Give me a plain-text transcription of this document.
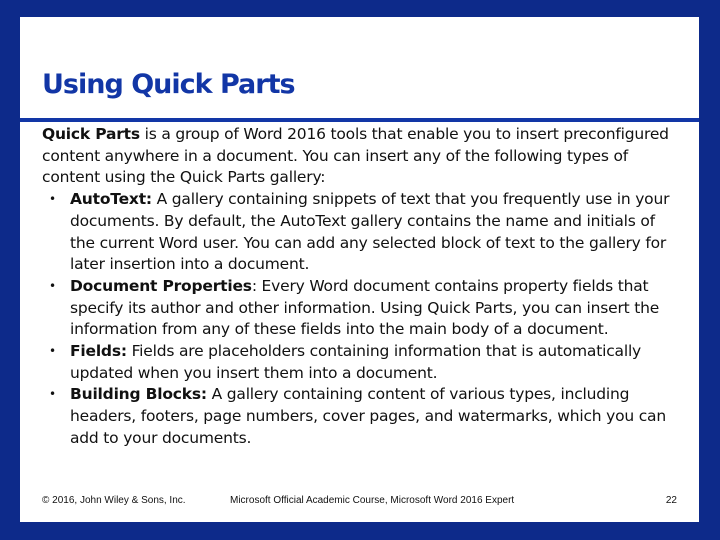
Using Quick Parts

Quick Parts is a group of Word 2016 tools that enable you to insert preconfigured content anywhere in a document. You can insert any of the following types of content using the Quick Parts gallery:

• AutoText: A gallery containing snippets of text that you frequently use in your documents. By default, the AutoText gallery contains the name and initials of the current Word user. You can add any selected block of text to the gallery for later insertion into a document.
• Document Properties: Every Word document contains property fields that specify its author and other information. Using Quick Parts, you can insert the information from any of these fields into the main body of a document.
• Fields: Fields are placeholders containing information that is automatically updated when you insert them into a document.
• Building Blocks: A gallery containing content of various types, including headers, footers, page numbers, cover pages, and watermarks, which you can add to your documents.
© 2016, John Wiley & Sons, Inc.	Microsoft Official Academic Course, Microsoft Word 2016 Expert	22
